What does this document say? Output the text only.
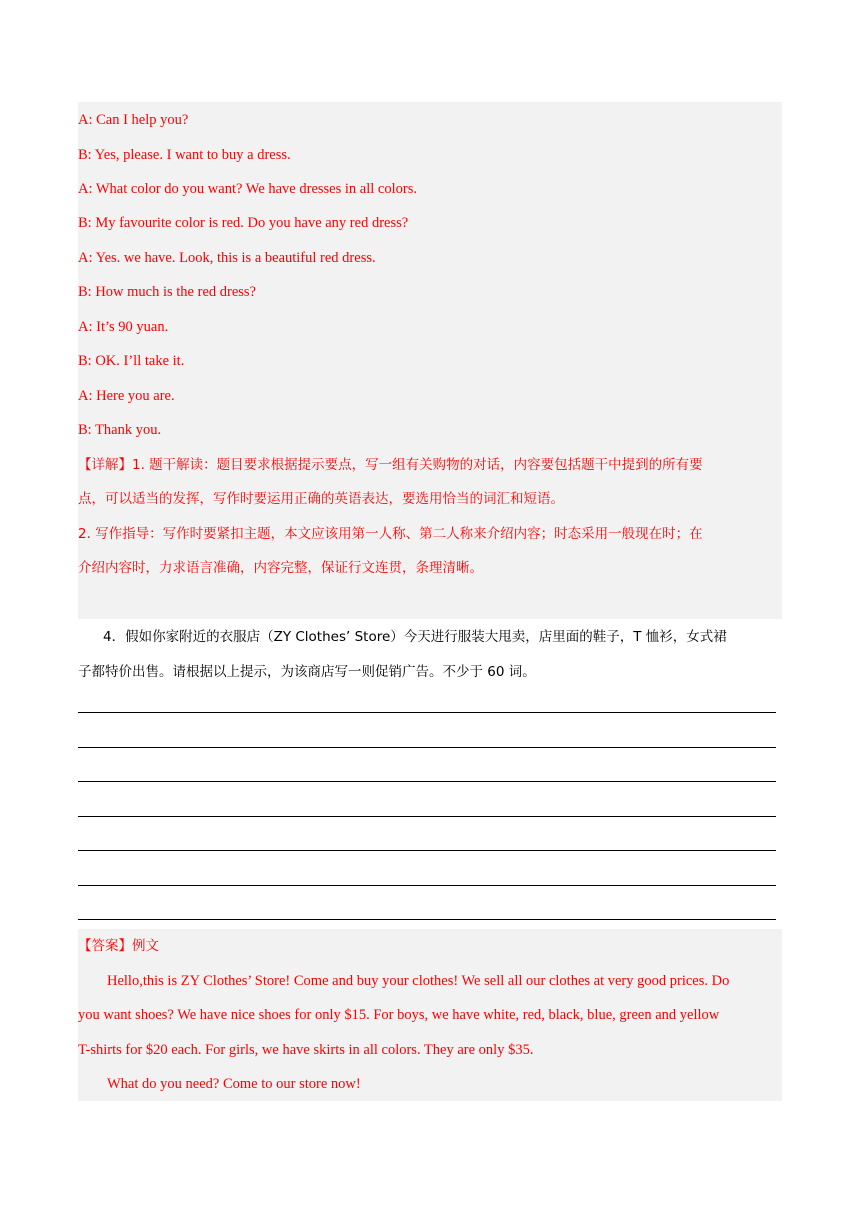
A: Can I help you?
B: Yes, please. I want to buy a dress.
A: What color do you want? We have dresses in all colors.
B: My favourite color is red. Do you have any red dress?
A: Yes. we have. Look, this is a beautiful red dress.
B: How much is the red dress?
A: It’s 90 yuan.
B: OK. I’ll take it.
A: Here you are.
B: Thank you.
【详解】1. 题干解读：题目要求根据提示要点，写一组有关购物的对话，内容要包括题干中提到的所有要
点，可以适当的发挥，写作时要运用正确的英语表达，要选用恰当的词汇和短语。
2. 写作指导：写作时要紧扣主题，本文应该用第一人称、第二人称来介绍内容；时态采用一般现在时；在
介绍内容时，力求语言准确，内容完整，保证行文连贯，条理清晰。
4．假如你家附近的衣服店（ZY Clothes’ Store）今天进行服装大甩卖，店里面的鞋子，T 恤衫，女式裙
子都特价出售。请根据以上提示，为该商店写一则促销广告。不少于 60 词。
【答案】例文
Hello,this is ZY Clothes’ Store! Come and buy your clothes! We sell all our clothes at very good prices. Do
you want shoes? We have nice shoes for only $15. For boys, we have white, red, black, blue, green and yellow
T-shirts for $20 each. For girls, we have skirts in all colors. They are only $35.
What do you need? Come to our store now!
